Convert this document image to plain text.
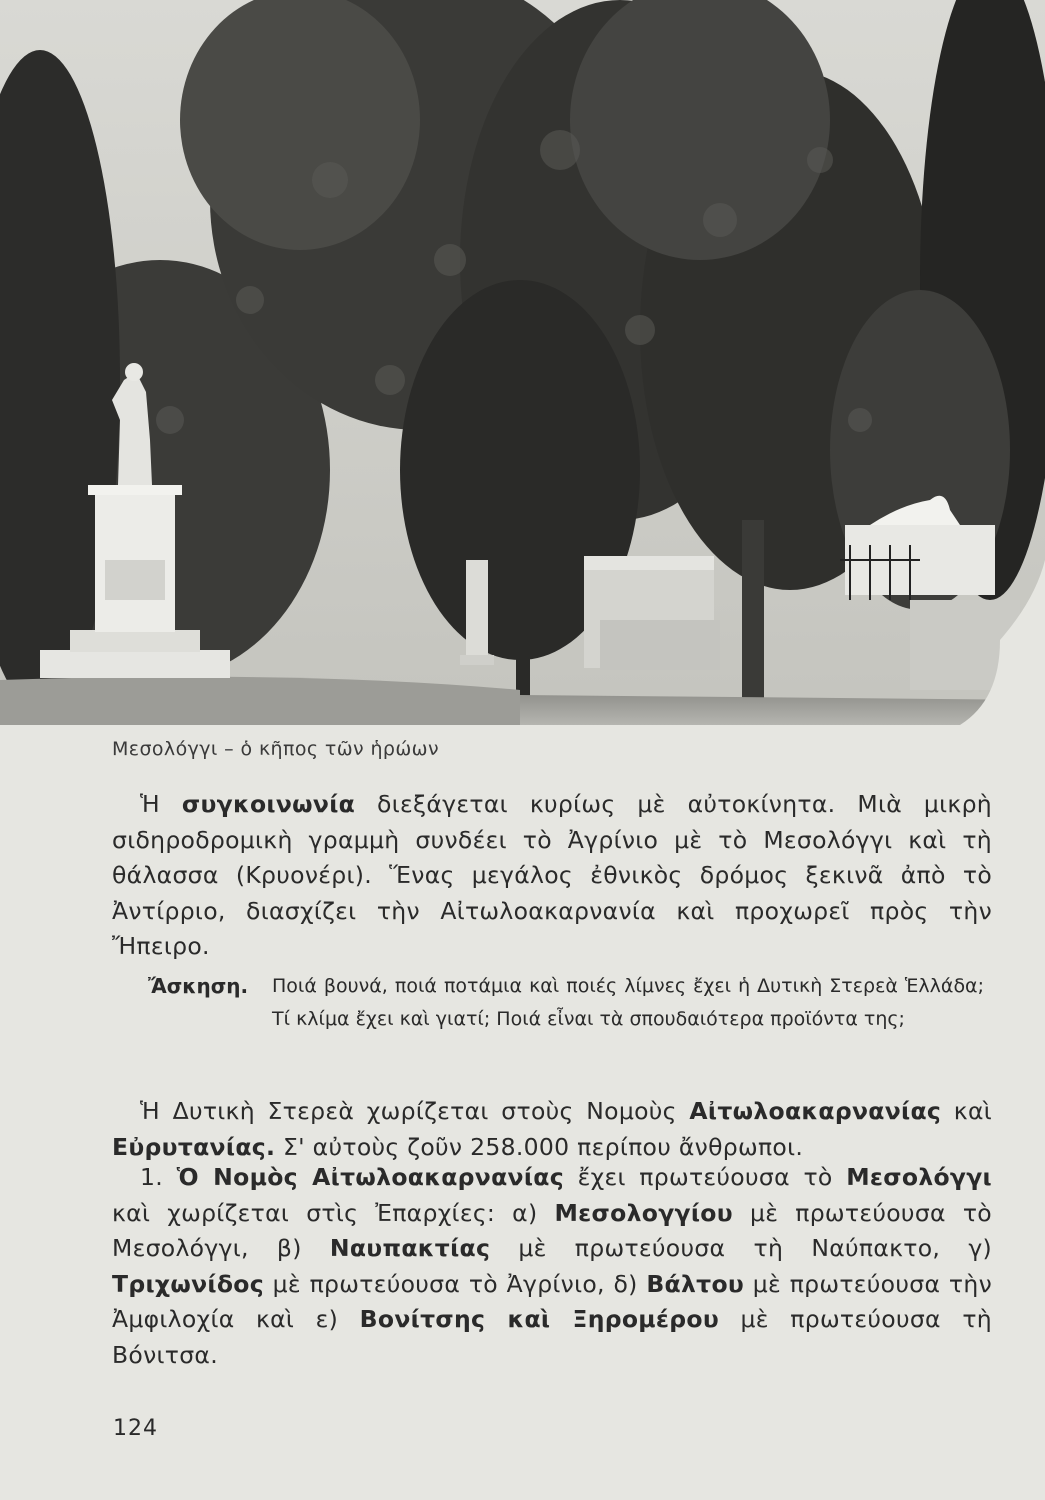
Μεσολόγγι – ὁ κῆπος τῶν ἡρώων

Ἡ συγκοινωνία διεξάγεται κυρίως μὲ αὐτοκίνητα. Μιὰ μικρὴ σιδηροδρομικὴ γραμμὴ συνδέει τὸ Ἀγρίνιο μὲ τὸ Μεσολόγγι καὶ τὴ θάλασσα (Κρυονέρι). Ἕνας μεγάλος ἐθνικὸς δρόμος ξεκινᾶ ἀπὸ τὸ Ἀντίρριο, διασχίζει τὴν Αἰτωλοακαρνανία καὶ προχωρεῖ πρὸς τὴν Ἤπειρο.

Ἄσκηση. Ποιά βουνά, ποιά ποτάμια καὶ ποιές λίμνες ἔχει ἡ Δυτικὴ Στερεὰ Ἑλλάδα; Τί κλίμα ἔχει καὶ γιατί; Ποιά εἶναι τὰ σπουδαιότερα προϊόντα της;

Ἡ Δυτικὴ Στερεὰ χωρίζεται στοὺς Νομοὺς Αἰτωλοακαρνανίας καὶ Εὐρυτανίας. Σ' αὐτοὺς ζοῦν 258.000 περίπου ἄνθρωποι.

1. Ὁ Νομὸς Αἰτωλοακαρνανίας ἔχει πρωτεύουσα τὸ Μεσολόγγι καὶ χωρίζεται στὶς Ἐπαρχίες: α) Μεσολογγίου μὲ πρωτεύουσα τὸ Μεσολόγγι, β) Ναυπακτίας μὲ πρωτεύουσα τὴ Ναύπακτο, γ) Τριχωνίδος μὲ πρωτεύουσα τὸ Ἀγρίνιο, δ) Βάλτου μὲ πρωτεύουσα τὴν Ἀμφιλοχία καὶ ε) Βονίτσης καὶ Ξηρομέρου μὲ πρωτεύουσα τὴ Βόνιτσα.

124
